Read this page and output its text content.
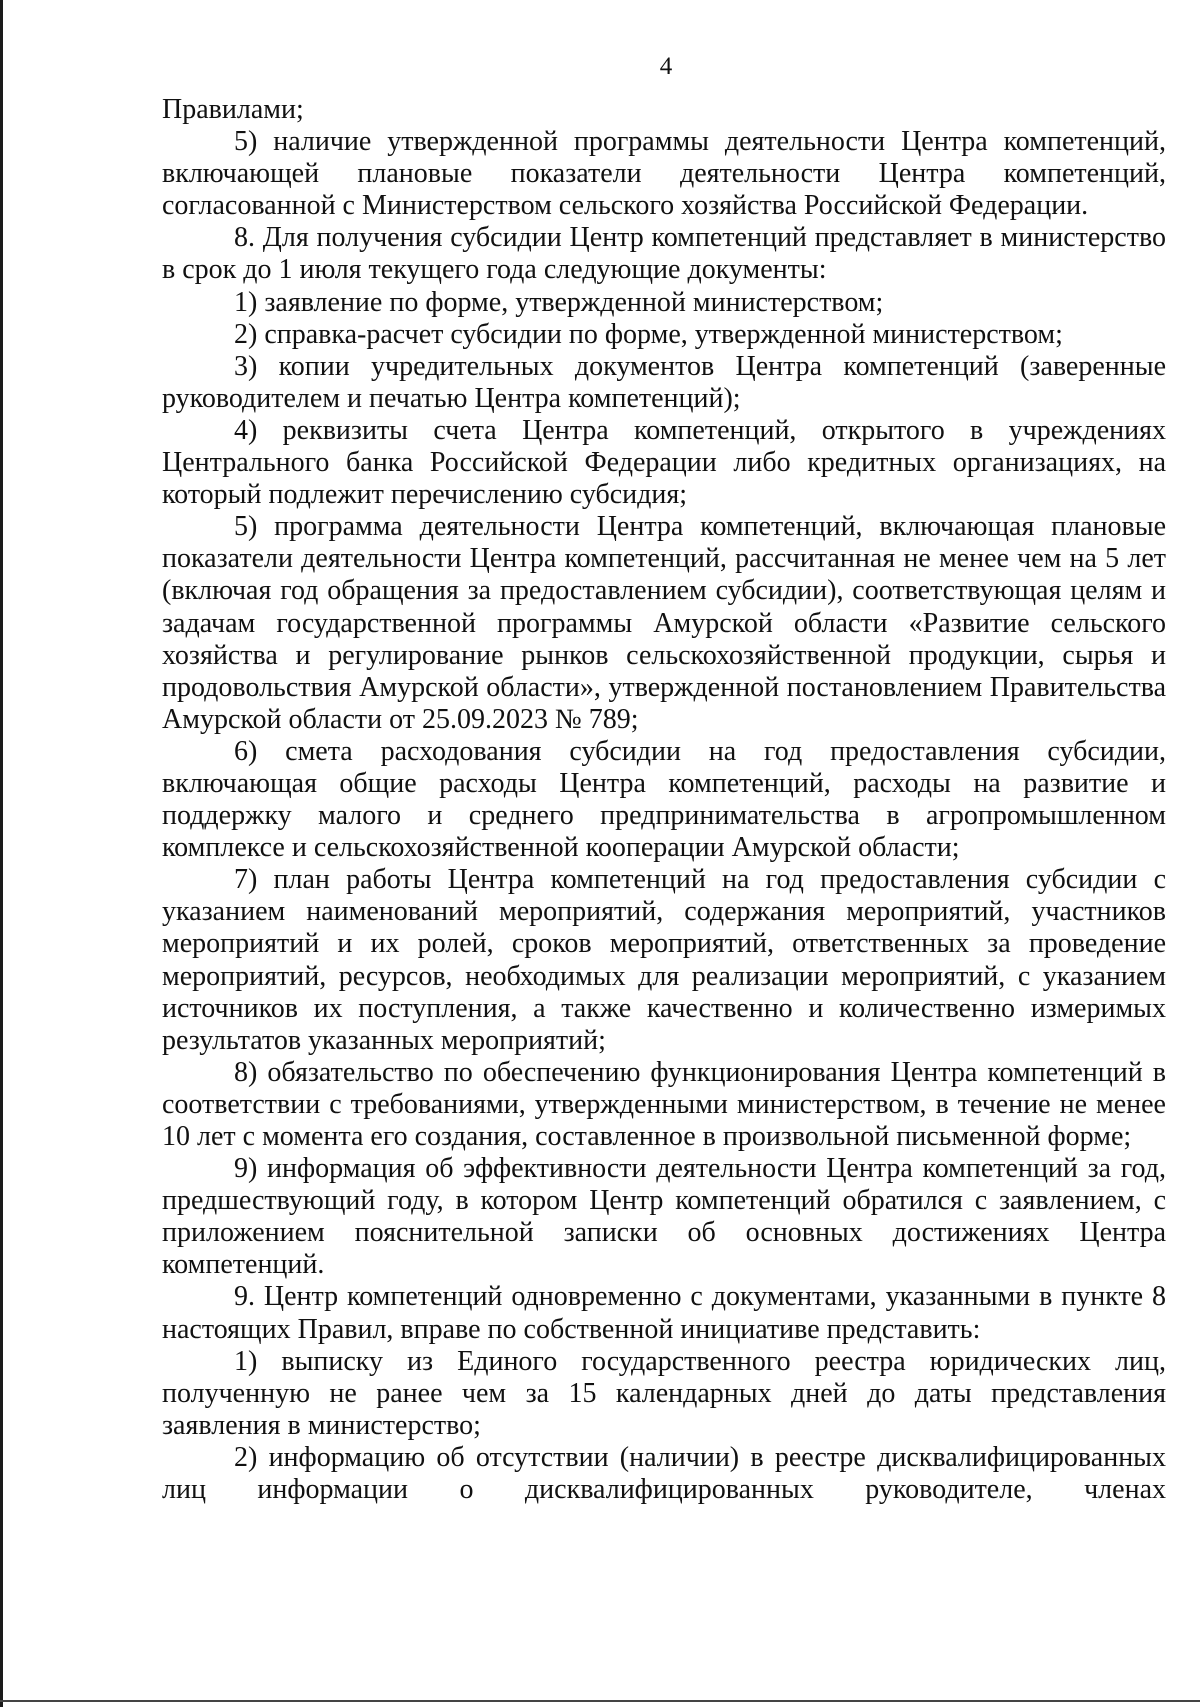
4

Правилами;

5) наличие утвержденной программы деятельности Центра компетенций, включающей плановые показатели деятельности Центра компетенций, согласованной с Министерством сельского хозяйства Российской Федерации.

8. Для получения субсидии Центр компетенций представляет в министерство в срок до 1 июля текущего года следующие документы:

1) заявление по форме, утвержденной министерством;

2) справка-расчет субсидии по форме, утвержденной министерством;

3) копии учредительных документов Центра компетенций (заверенные руководителем и печатью Центра компетенций);

4) реквизиты счета Центра компетенций, открытого в учреждениях Центрального банка Российской Федерации либо кредитных организациях, на который подлежит перечислению субсидия;

5) программа деятельности Центра компетенций, включающая плановые показатели деятельности Центра компетенций, рассчитанная не менее чем на 5 лет (включая год обращения за предоставлением субсидии), соответствующая целям и задачам государственной программы Амурской области «Развитие сельского хозяйства и регулирование рынков сельскохозяйственной продукции, сырья и продовольствия Амурской области», утвержденной постановлением Правительства Амурской области от 25.09.2023 № 789;

6) смета расходования субсидии на год предоставления субсидии, включающая общие расходы Центра компетенций, расходы на развитие и поддержку малого и среднего предпринимательства в агропромышленном комплексе и сельскохозяйственной кооперации Амурской области;

7) план работы Центра компетенций на год предоставления субсидии с указанием наименований мероприятий, содержания мероприятий, участников мероприятий и их ролей, сроков мероприятий, ответственных за проведение мероприятий, ресурсов, необходимых для реализации мероприятий, с указанием источников их поступления, а также качественно и количественно измеримых результатов указанных мероприятий;

8) обязательство по обеспечению функционирования Центра компетенций в соответствии с требованиями, утвержденными министерством, в течение не менее 10 лет с момента его создания, составленное в произвольной письменной форме;

9) информация об эффективности деятельности Центра компетенций за год, предшествующий году, в котором Центр компетенций обратился с заявлением, с приложением пояснительной записки об основных достижениях Центра компетенций.

9. Центр компетенций одновременно с документами, указанными в пункте 8 настоящих Правил, вправе по собственной инициативе представить:

1) выписку из Единого государственного реестра юридических лиц, полученную не ранее чем за 15 календарных дней до даты представления заявления в министерство;

2) информацию об отсутствии (наличии) в реестре дисквалифицированных лиц информации о дисквалифицированных руководителе, членах
